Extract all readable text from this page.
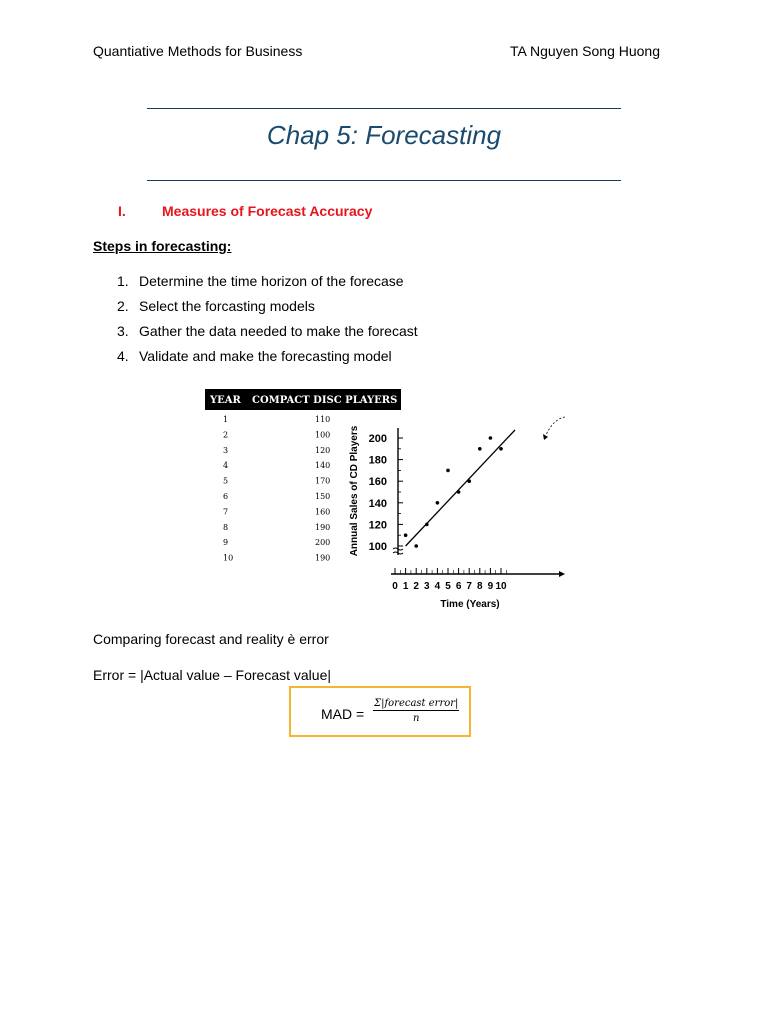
Quantiative Methods for Business	TA Nguyen Song Huong
Chap 5: Forecasting
I.	Measures of Forecast Accuracy
Steps in forecasting:
1. Determine the time horizon of the forecase
2. Select the forcasting models
3. Gather the data needed to make the forecast
4. Validate and make the forecasting model
YEAR COMPACT DISC PLAYERS
1	110
2	100
3	120
4	140
5	170
6	150
7	160
8	190
9	200
10	190
100
120
140
160
180
200
0 1 2 3 4 5 6 7 8 9 10
Time (Years)
Annual Sales of CD Players
Comparing forecast and reality è error
Error = |Actual value – Forecast value|
MAD =
Σ|forecast error|
n
